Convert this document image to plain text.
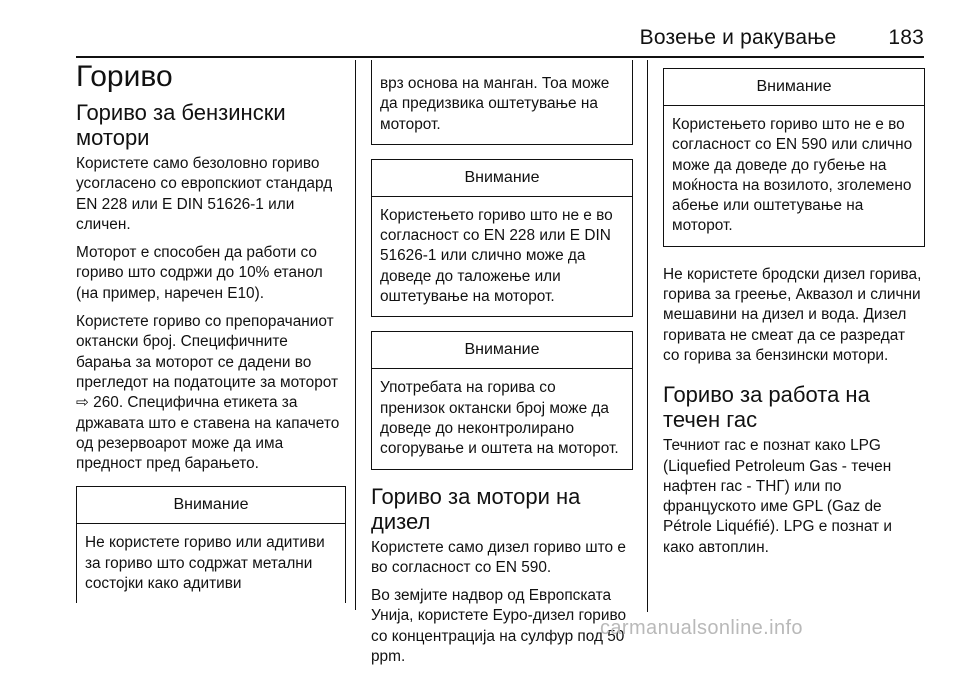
Возење и ракување 183
Гориво
Гориво за бензински мотори

Користете само безоловно гориво усогласено со европскиот стандард EN 228 или E DIN 51626-1 или сличен.

Моторот е способен да работи со гориво што содржи до 10% етанол (на пример, наречен E10).

Користете гориво со препорачаниот октански број. Специфичните барања за моторот се дадени во прегледот на податоците за моторот ⇨ 260. Специфична етикета за државата што е ставена на капачето од резервоарот може да има предност пред барањето.

Внимание
Не користете гориво или адитиви за гориво што содржат метални состојки како адитиви
врз основа на манган. Тоа може да предизвика оштетување на моторот.
Внимание
Користењето гориво што не е во согласност со EN 228 или E DIN 51626-1 или слично може да доведе до таложење или оштетување на моторот.
Внимание
Употребата на горива со пренизок октански број може да доведе до неконтролирано согорување и оштета на моторот.
Гориво за мотори на дизел

Користете само дизел гориво што е во согласност со EN 590.

Во земјите надвор од Европската Унија, користете Еуро-дизел гориво со концентрација на сулфур под 50 ppm.

Внимание
Користењето гориво што не е во согласност со EN 590 или слично може да доведе до губење на моќноста на возилото, зголемено абење или оштетување на моторот.

Не користете бродски дизел горива, горива за греење, Аквазол и слични мешавини на дизел и вода. Дизел горивата не смеат да се разредат со горива за бензински мотори.

Гориво за работа на течен гас

Течниот гас е познат како LPG (Liquefied Petroleum Gas - течен нафтен гас - ТНГ) или по францускoто име GPL (Gaz de Pétrole Liquéfié). LPG е познат и како автоплин.

carmanualsonline.info
